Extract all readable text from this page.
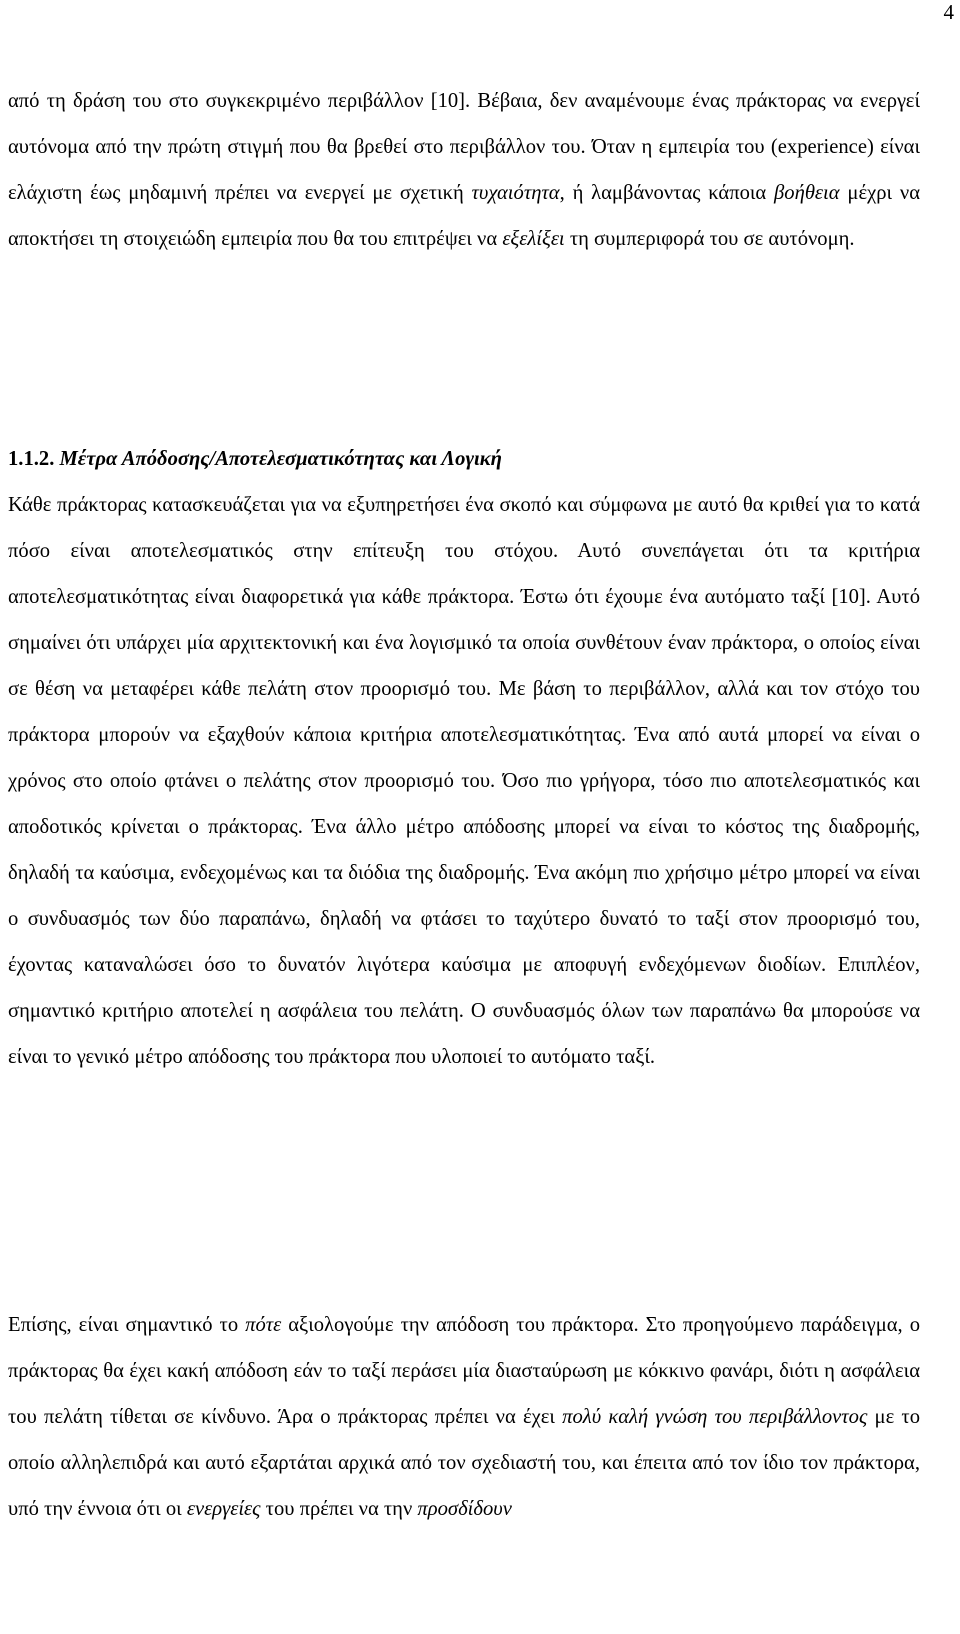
4

από τη δράση του στο συγκεκριμένο περιβάλλον [10]. Βέβαια, δεν αναμένουμε ένας πράκτορας να ενεργεί αυτόνομα από την πρώτη στιγμή που θα βρεθεί στο περιβάλλον του. Όταν η εμπειρία του (experience) είναι ελάχιστη έως μηδαμινή πρέπει να ενεργεί με σχετική τυχαιότητα, ή λαμβάνοντας κάποια βοήθεια μέχρι να αποκτήσει τη στοιχειώδη εμπειρία που θα του επιτρέψει να εξελίξει τη συμπεριφορά του σε αυτόνομη.

1.1.2. Μέτρα Απόδοσης/Αποτελεσματικότητας και Λογική

Κάθε πράκτορας κατασκευάζεται για να εξυπηρετήσει ένα σκοπό και σύμφωνα με αυτό θα κριθεί για το κατά πόσο είναι αποτελεσματικός στην επίτευξη του στόχου. Αυτό συνεπάγεται ότι τα κριτήρια αποτελεσματικότητας είναι διαφορετικά για κάθε πράκτορα. Έστω ότι έχουμε ένα αυτόματο ταξί [10]. Αυτό σημαίνει ότι υπάρχει μία αρχιτεκτονική και ένα λογισμικό τα οποία συνθέτουν έναν πράκτορα, ο οποίος είναι σε θέση να μεταφέρει κάθε πελάτη στον προορισμό του. Με βάση το περιβάλλον, αλλά και τον στόχο του πράκτορα μπορούν να εξαχθούν κάποια κριτήρια αποτελεσματικότητας. Ένα από αυτά μπορεί να είναι ο χρόνος στο οποίο φτάνει ο πελάτης στον προορισμό του. Όσο πιο γρήγορα, τόσο πιο αποτελεσματικός και αποδοτικός κρίνεται ο πράκτορας. Ένα άλλο μέτρο απόδοσης μπορεί να είναι το κόστος της διαδρομής, δηλαδή τα καύσιμα, ενδεχομένως και τα διόδια της διαδρομής. Ένα ακόμη πιο χρήσιμο μέτρο μπορεί να είναι ο συνδυασμός των δύο παραπάνω, δηλαδή να φτάσει το ταχύτερο δυνατό το ταξί στον προορισμό του, έχοντας καταναλώσει όσο το δυνατόν λιγότερα καύσιμα με αποφυγή ενδεχόμενων διοδίων. Επιπλέον, σημαντικό κριτήριο αποτελεί η ασφάλεια του πελάτη. Ο συνδυασμός όλων των παραπάνω θα μπορούσε να είναι το γενικό μέτρο απόδοσης του πράκτορα που υλοποιεί το αυτόματο ταξί.

Επίσης, είναι σημαντικό το πότε αξιολογούμε την απόδοση του πράκτορα. Στο προηγούμενο παράδειγμα, ο πράκτορας θα έχει κακή απόδοση εάν το ταξί περάσει μία διασταύρωση με κόκκινο φανάρι, διότι η ασφάλεια του πελάτη τίθεται σε κίνδυνο. Άρα ο πράκτορας πρέπει να έχει πολύ καλή γνώση του περιβάλλοντος με το οποίο αλληλεπιδρά και αυτό εξαρτάται αρχικά από τον σχεδιαστή του, και έπειτα από τον ίδιο τον πράκτορα, υπό την έννοια ότι οι ενεργείες του πρέπει να την προσδίδουν
